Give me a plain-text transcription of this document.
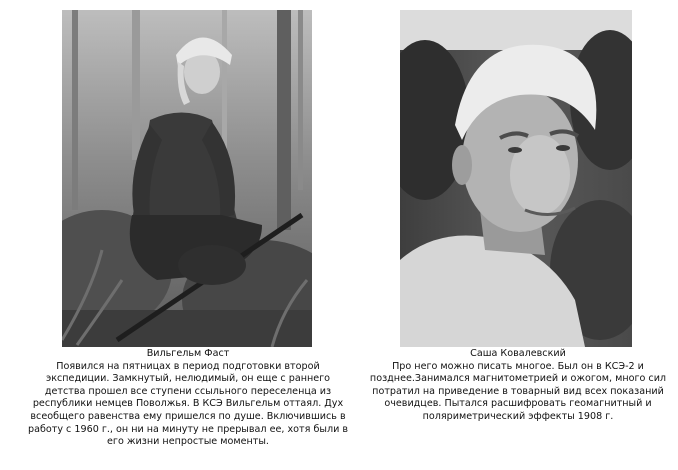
Вильгельм Фаст
Появился на пятницах в период подготовки второй экспедиции. Замкнутый, нелюдимый, он еще с раннего детства прошел все ступени ссыльного переселенца из республики немцев Поволжья. В КСЭ Вильгельм оттаял. Дух всеобщего равенства ему пришелся по душе. Включившись в работу с 1960 г., он ни на минуту не прерывал ее, хотя были в его жизни непростые моменты.
Саша Ковалевский
Про него можно писать многое. Был он в КСЭ-2 и позднее.Занимался магнитометрией и ожогом, много сил потратил на приведение в товарный вид всех показаний очевидцев. Пытался расшифровать геомагнитный и поляриметрический эффекты 1908 г.
